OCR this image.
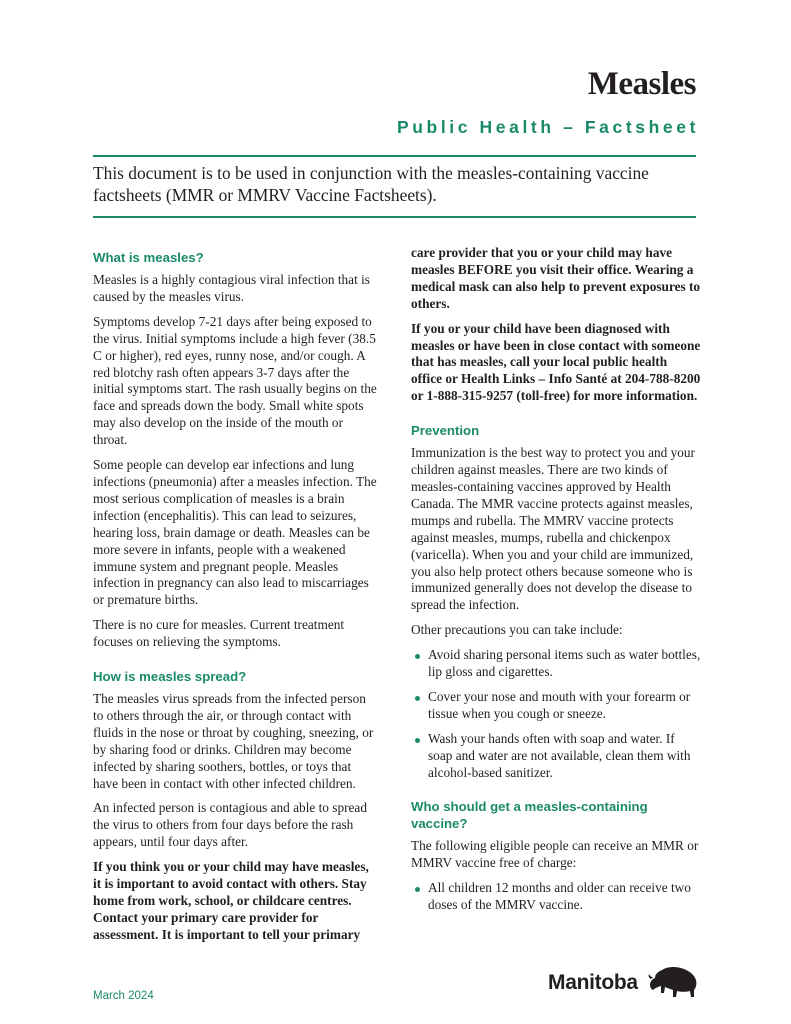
Measles
Public Health – Factsheet
This document is to be used in conjunction with the measles-containing vaccine factsheets (MMR or MMRV Vaccine Factsheets).
What is measles?

Measles is a highly contagious viral infection that is caused by the measles virus.

Symptoms develop 7-21 days after being exposed to the virus. Initial symptoms include a high fever (38.5 C or higher), red eyes, runny nose, and/or cough. A red blotchy rash often appears 3-7 days after the initial symptoms start. The rash usually begins on the face and spreads down the body. Small white spots may also develop on the inside of the mouth or throat.

Some people can develop ear infections and lung infections (pneumonia) after a measles infection. The most serious complication of measles is a brain infection (encephalitis). This can lead to seizures, hearing loss, brain damage or death. Measles can be more severe in infants, people with a weakened immune system and pregnant people. Measles infection in pregnancy can also lead to miscarriages or premature births.

There is no cure for measles. Current treatment focuses on relieving the symptoms.

How is measles spread?

The measles virus spreads from the infected person to others through the air, or through contact with fluids in the nose or throat by coughing, sneezing, or by sharing food or drinks. Children may become infected by sharing soothers, bottles, or toys that have been in contact with other infected children.

An infected person is contagious and able to spread the virus to others from four days before the rash appears, until four days after.

If you think you or your child may have measles, it is important to avoid contact with others. Stay home from work, school, or childcare centres. Contact your primary care provider for assessment. It is important to tell your primary

care provider that you or your child may have measles BEFORE you visit their office. Wearing a medical mask can also help to prevent exposures to others.

If you or your child have been diagnosed with measles or have been in close contact with someone that has measles, call your local public health office or Health Links – Info Santé at 204-788-8200 or 1-888-315-9257 (toll-free) for more information.

Prevention

Immunization is the best way to protect you and your children against measles. There are two kinds of measles-containing vaccines approved by Health Canada. The MMR vaccine protects against measles, mumps and rubella. The MMRV vaccine protects against measles, mumps, rubella and chickenpox (varicella). When you and your child are immunized, you also help protect others because someone who is immunized generally does not develop the disease to spread the infection.

Other precautions you can take include:

Avoid sharing personal items such as water bottles, lip gloss and cigarettes.
Cover your nose and mouth with your forearm or tissue when you cough or sneeze.
Wash your hands often with soap and water. If soap and water are not available, clean them with alcohol-based sanitizer.
Who should get a measles-containing vaccine?

The following eligible people can receive an MMR or MMRV vaccine free of charge:

All children 12 months and older can receive two doses of the MMRV vaccine.
March 2024
Manitoba
